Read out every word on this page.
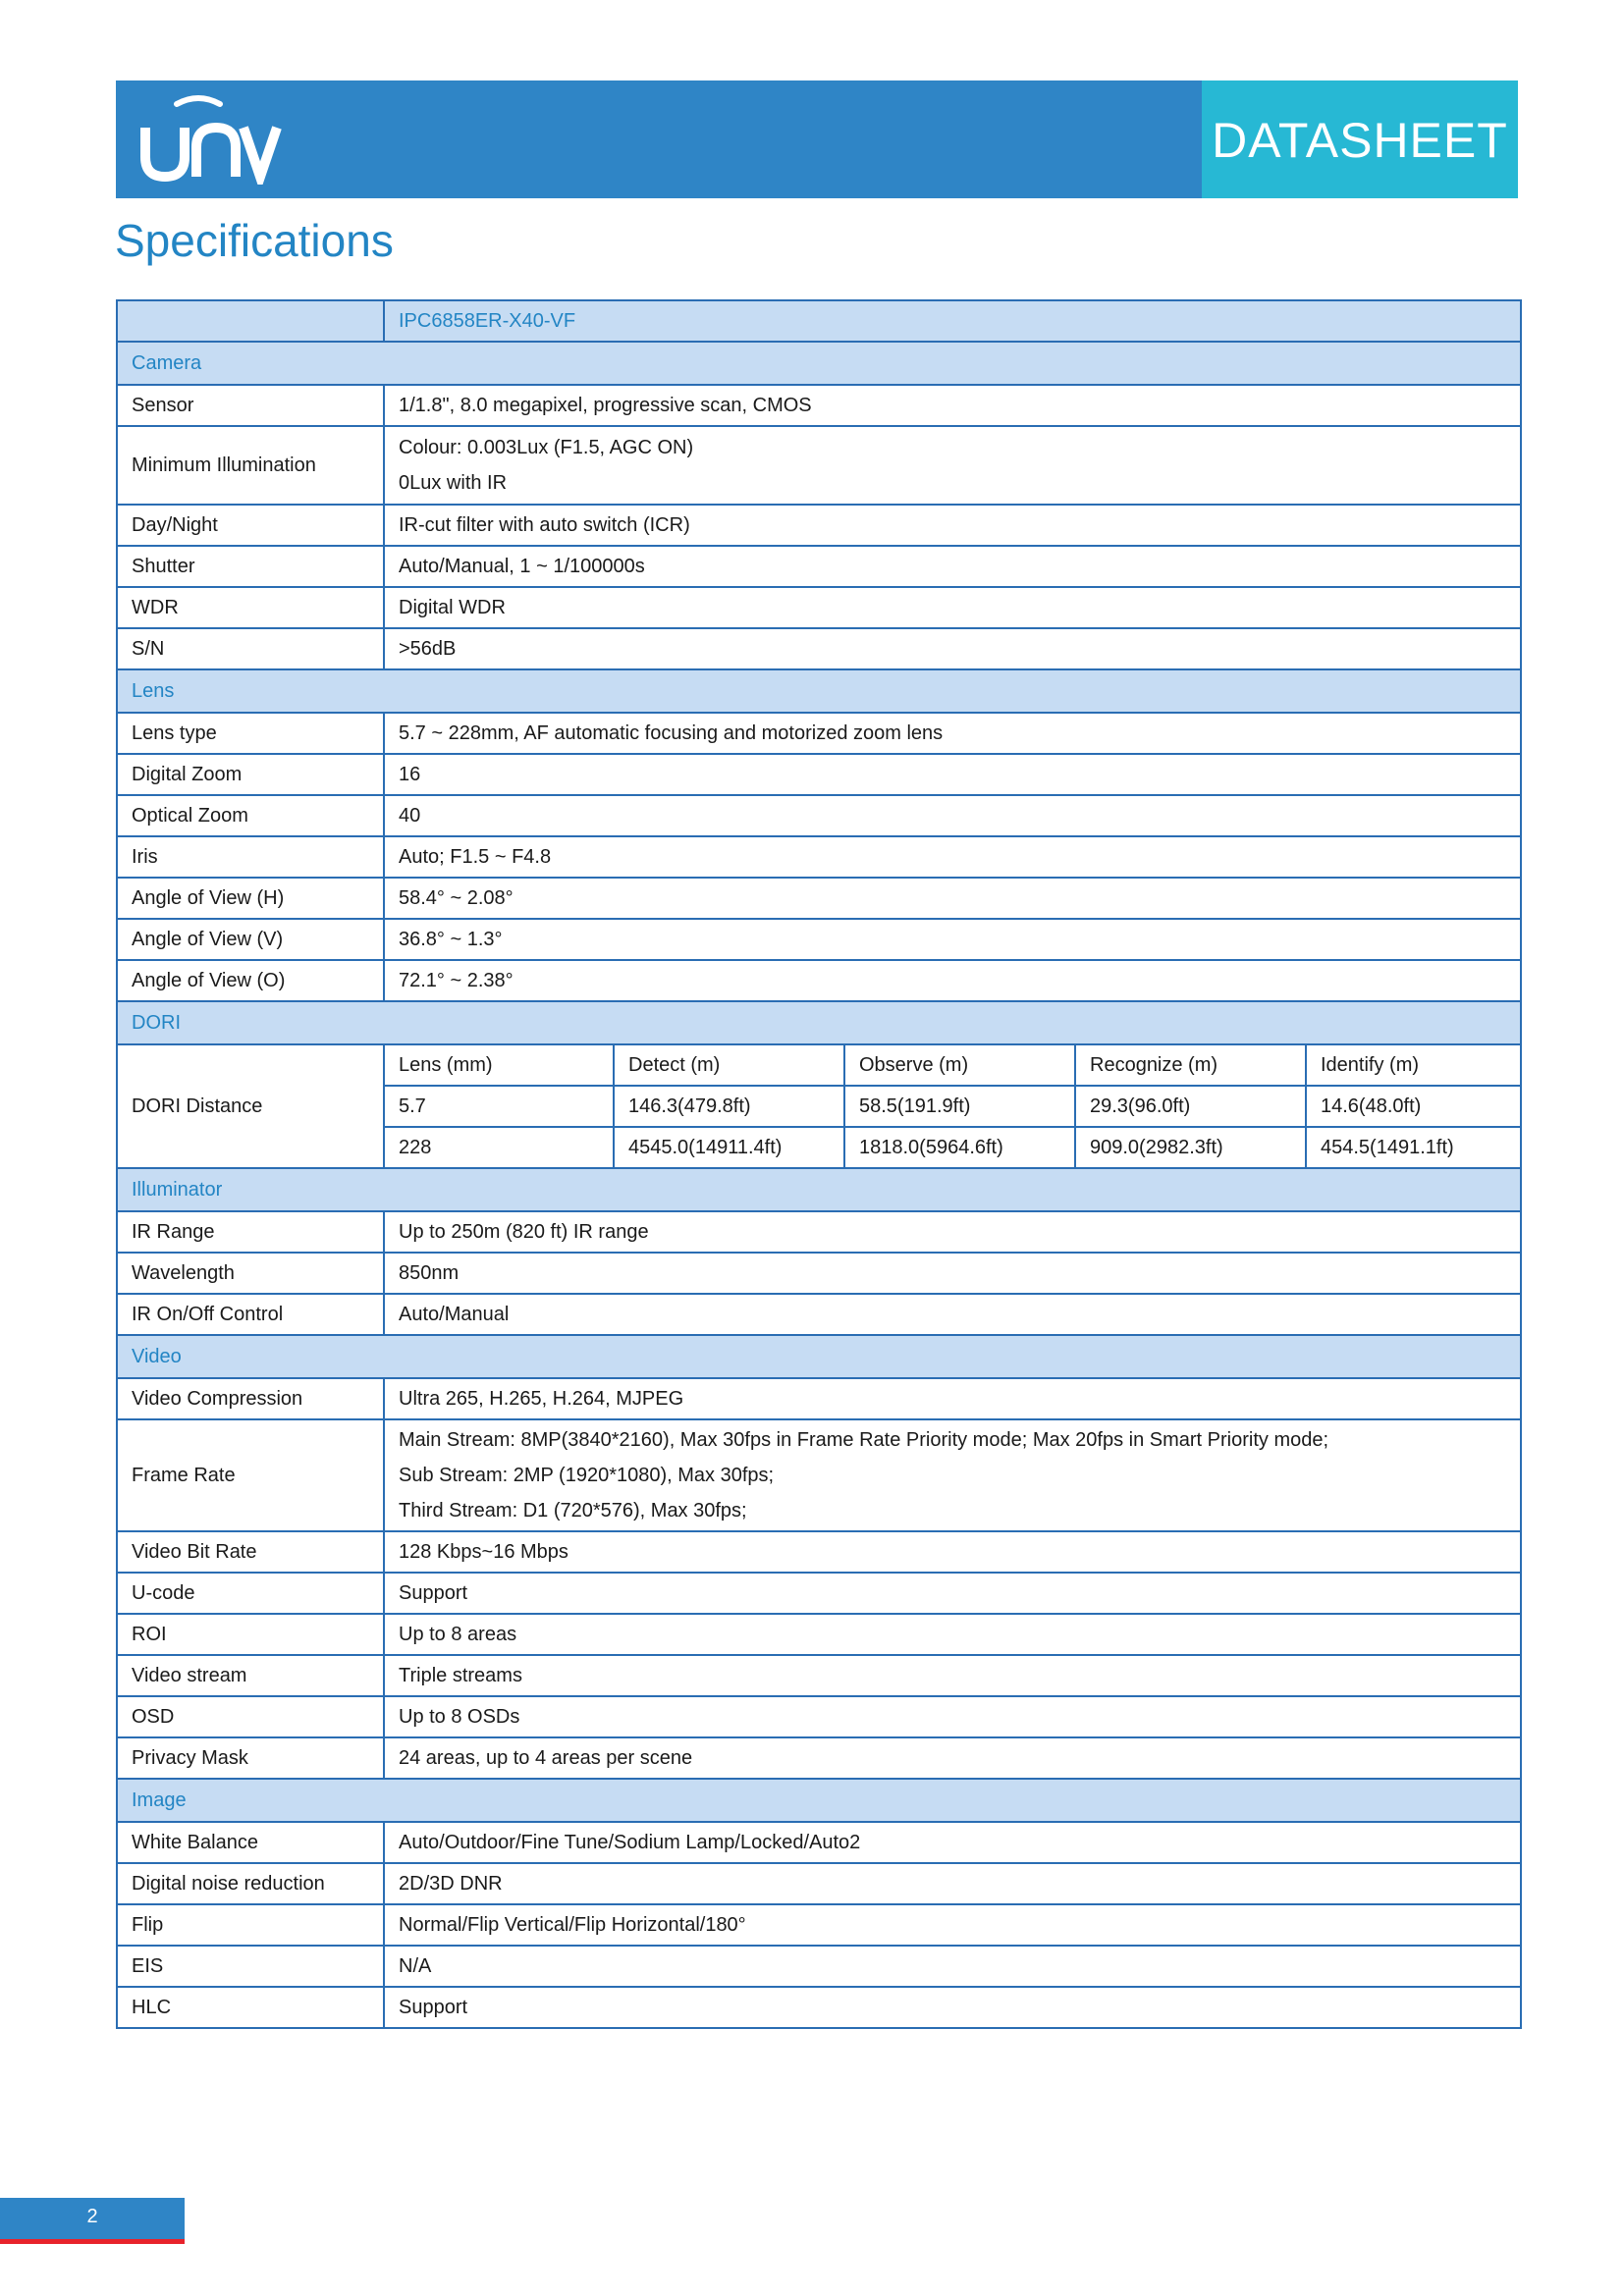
DATASHEET
Specifications
	IPC6858ER-X40-VF				
Camera					
Sensor	1/1.8", 8.0 megapixel, progressive scan, CMOS				
Minimum Illumination	Colour: 0.003Lux (F1.5, AGC ON)
0Lux with IR				

Day/Night	IR-cut filter with auto switch (ICR)				
Shutter	Auto/Manual, 1 ~ 1/100000s				
WDR	Digital WDR				
S/N	>56dB				
Lens					
Lens type	5.7 ~ 228mm, AF automatic focusing and motorized zoom lens				
Digital Zoom	16				
Optical Zoom	40				
Iris	Auto; F1.5 ~ F4.8				
Angle of View (H)	58.4° ~ 2.08°				
Angle of View (V)	36.8° ~ 1.3°				
Angle of View (O)	72.1° ~ 2.38°				
DORI					
DORI Distance	Lens (mm)	Detect (m)	Observe (m)	Recognize (m)	Identify (m)
	5.7	146.3(479.8ft)	58.5(191.9ft)	29.3(96.0ft)	14.6(48.0ft)
	228	4545.0(14911.4ft)	1818.0(5964.6ft)	909.0(2982.3ft)	454.5(1491.1ft)
Illuminator					
IR Range	Up to 250m (820 ft) IR range				
Wavelength	850nm				
IR On/Off Control	Auto/Manual				
Video					
Video Compression	Ultra 265, H.265, H.264, MJPEG				
Frame Rate	Main Stream: 8MP(3840*2160), Max 30fps in Frame Rate Priority mode; Max 20fps in Smart Priority mode;
Sub Stream: 2MP (1920*1080), Max 30fps;
Third Stream: D1 (720*576), Max 30fps;				

Video Bit Rate	128 Kbps~16 Mbps				
U-code	Support				
ROI	Up to 8 areas				
Video stream	Triple streams				
OSD	Up to 8 OSDs				
Privacy Mask	24 areas, up to 4 areas per scene				
Image					
White Balance	Auto/Outdoor/Fine Tune/Sodium Lamp/Locked/Auto2				
Digital noise reduction	2D/3D DNR				
Flip	Normal/Flip Vertical/Flip Horizontal/180°				
EIS	N/A				
HLC	Support				
2
